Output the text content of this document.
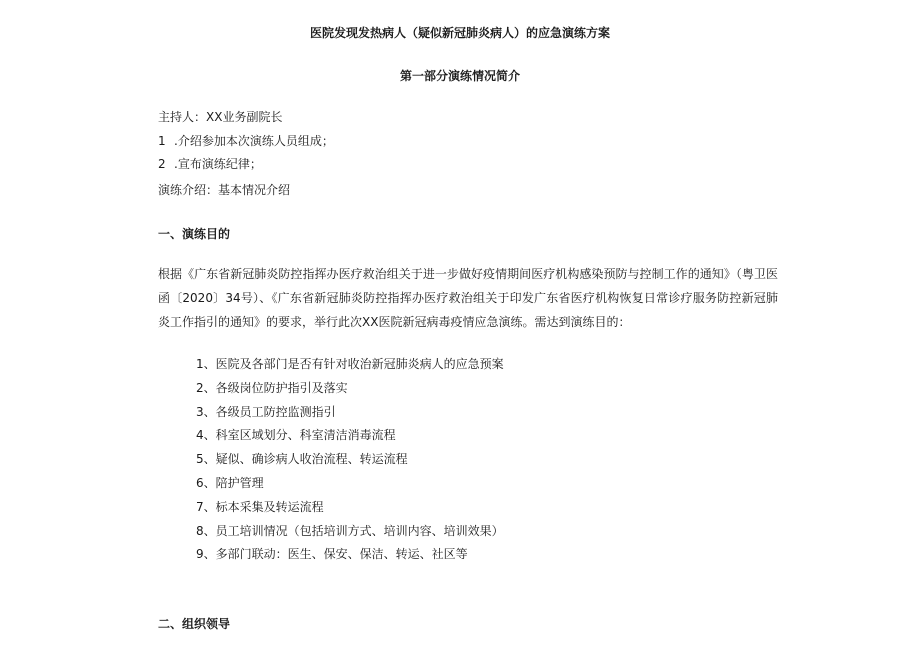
医院发现发热病人（疑似新冠肺炎病人）的应急演练方案
第一部分演练情况简介

主持人：XX业务副院长

1 .介绍参加本次演练人员组成；

2 .宣布演练纪律；

演练介绍：基本情况介绍

一、演练目的

根据《广东省新冠肺炎防控指挥办医疗救治组关于进一步做好疫情期间医疗机构感染预防与控制工作的通知》（粤卫医函〔2020〕34号）、《广东省新冠肺炎防控指挥办医疗救治组关于印发广东省医疗机构恢复日常诊疗服务防控新冠肺炎工作指引的通知》的要求，举行此次XX医院新冠病毒疫情应急演练。需达到演练目的：

1、医院及各部门是否有针对收治新冠肺炎病人的应急预案
2、各级岗位防护指引及落实
3、各级员工防控监测指引
4、科室区域划分、科室清洁消毒流程
5、疑似、确诊病人收治流程、转运流程
6、陪护管理
7、标本采集及转运流程
8、员工培训情况（包括培训方式、培训内容、培训效果）
9、多部门联动：医生、保安、保洁、转运、社区等
二、组织领导
